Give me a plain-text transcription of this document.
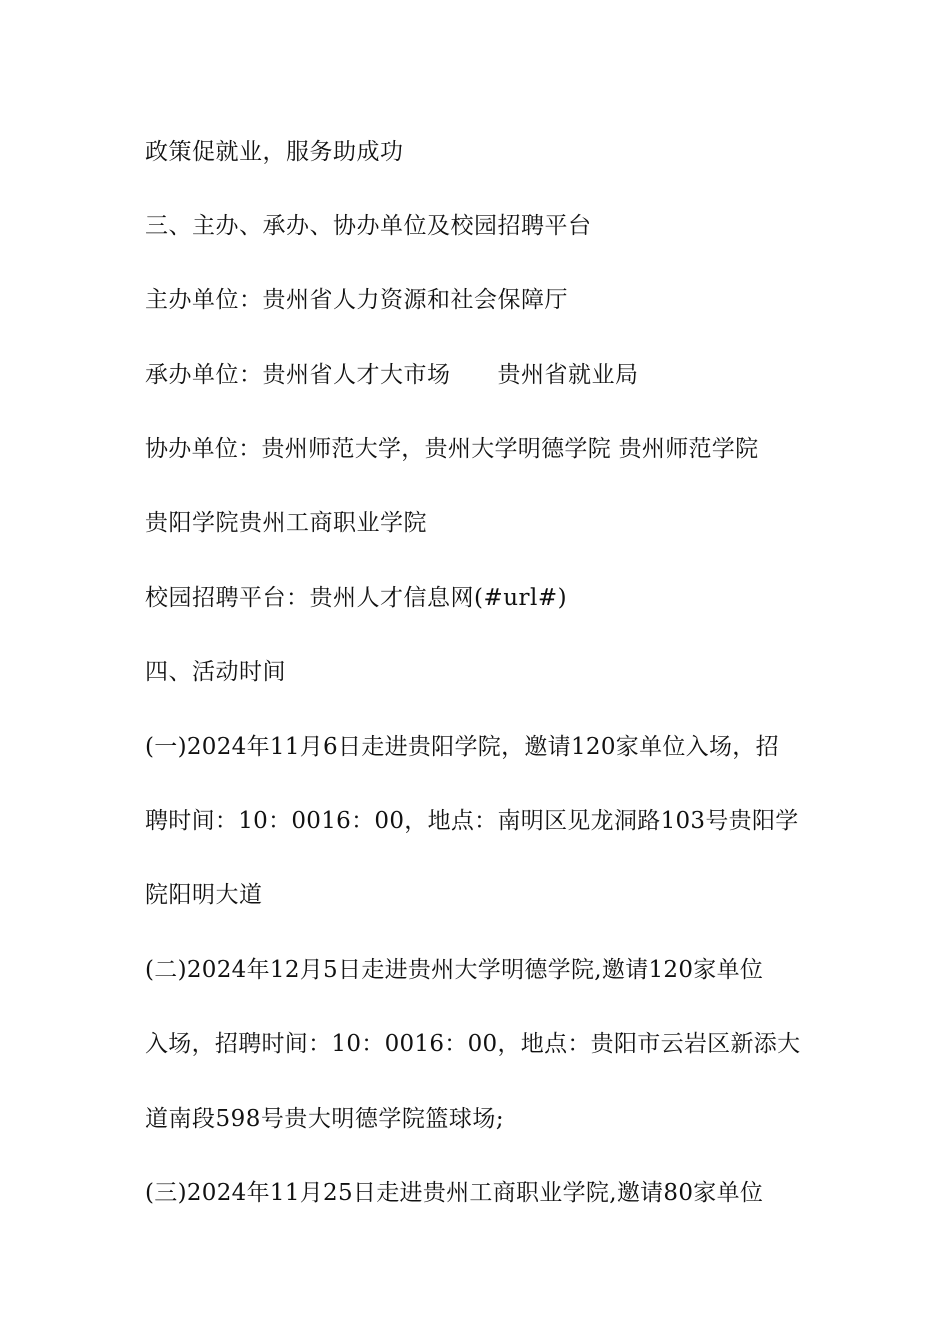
政策促就业，服务助成功
三、主办、承办、协办单位及校园招聘平台
主办单位：贵州省人力资源和社会保障厅
承办单位：贵州省人才大市场　　贵州省就业局
协办单位：贵州师范大学，贵州大学明德学院 贵州师范学院
贵阳学院贵州工商职业学院
校园招聘平台：贵州人才信息网(#url#)
四、活动时间
(一)2024年11月6日走进贵阳学院，邀请120家单位入场，招
聘时间：10：0016：00，地点：南明区见龙洞路103号贵阳学
院阳明大道
(二)2024年12月5日走进贵州大学明德学院,邀请120家单位
入场，招聘时间：10：0016：00，地点：贵阳市云岩区新添大
道南段598号贵大明德学院篮球场;
(三)2024年11月25日走进贵州工商职业学院,邀请80家单位
